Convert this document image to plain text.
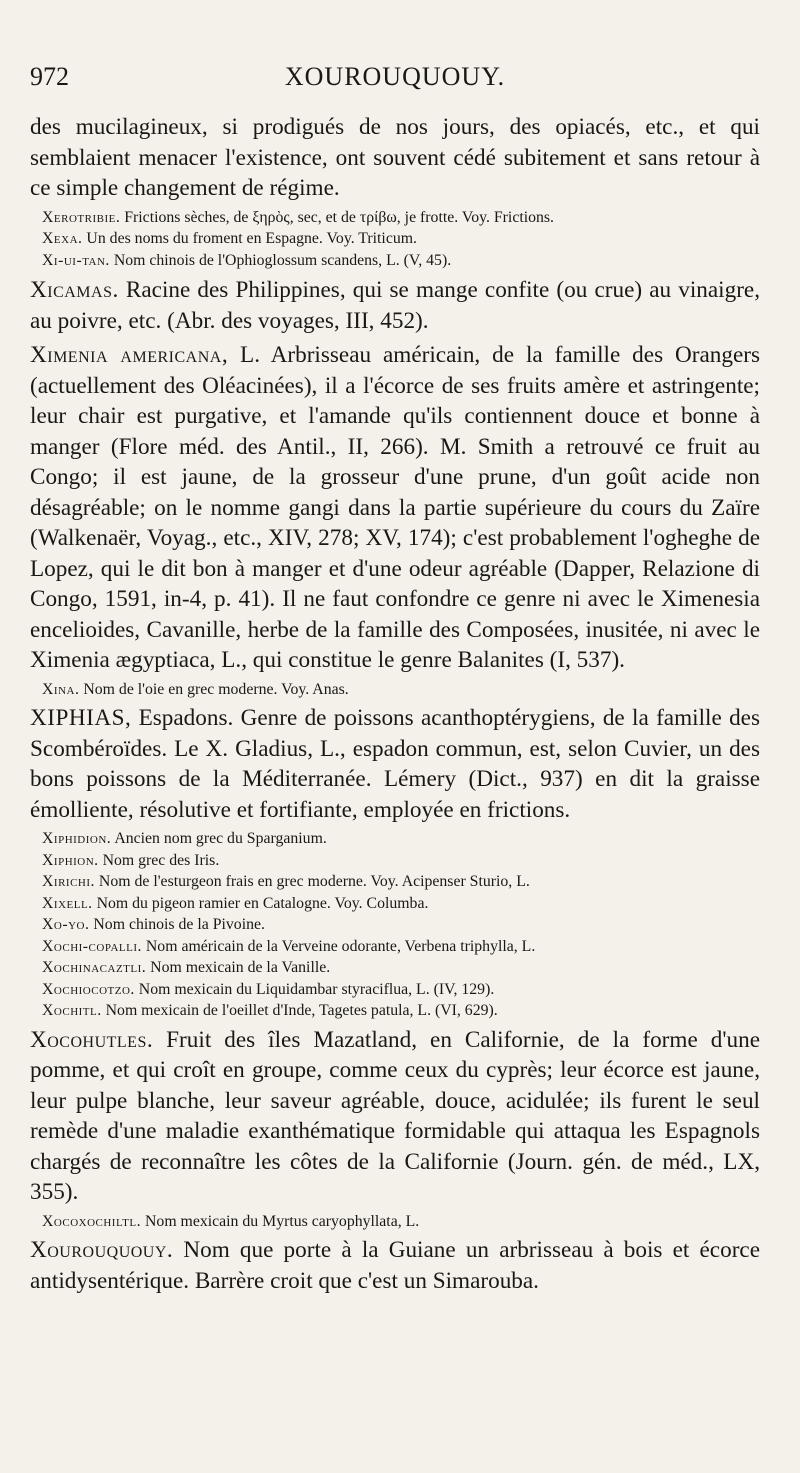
972	XOUROUQUOUY.

des mucilagineux, si prodigués de nos jours, des opiacés, etc., et qui semblaient menacer l'existence, ont souvent cédé subitement et sans retour à ce simple changement de régime.

Xerotribie. Frictions sèches, de ξηρὸς, sec, et de τρίβω, je frotte. Voy. Frictions.

Xexa. Un des noms du froment en Espagne. Voy. Triticum.

Xi-ui-tan. Nom chinois de l'Ophioglossum scandens, L. (V, 45).

Xicamas. Racine des Philippines, qui se mange confite (ou crue) au vinaigre, au poivre, etc. (Abr. des voyages, III, 452).

Ximenia americana, L. Arbrisseau américain, de la famille des Orangers (actuellement des Oléacinées), il a l'écorce de ses fruits amère et astringente; leur chair est purgative, et l'amande qu'ils contiennent douce et bonne à manger (Flore méd. des Antil., II, 266). M. Smith a retrouvé ce fruit au Congo; il est jaune, de la grosseur d'une prune, d'un goût acide non désagréable; on le nomme gangi dans la partie supérieure du cours du Zaïre (Walkenaër, Voyag., etc., XIV, 278; XV, 174); c'est probablement l'ogheghe de Lopez, qui le dit bon à manger et d'une odeur agréable (Dapper, Relazione di Congo, 1591, in-4, p. 41). Il ne faut confondre ce genre ni avec le Ximenesia encelioides, Cavanille, herbe de la famille des Composées, inusitée, ni avec le Ximenia ægyptiaca, L., qui constitue le genre Balanites (I, 537).

Xina. Nom de l'oie en grec moderne. Voy. Anas.

XIPHIAS, Espadons. Genre de poissons acanthoptérygiens, de la famille des Scombéroïdes. Le X. Gladius, L., espadon commun, est, selon Cuvier, un des bons poissons de la Méditerranée. Lémery (Dict., 937) en dit la graisse émolliente, résolutive et fortifiante, employée en frictions.

Xiphidion. Ancien nom grec du Sparganium.

Xiphion. Nom grec des Iris.

Xirichi. Nom de l'esturgeon frais en grec moderne. Voy. Acipenser Sturio, L.

Xixell. Nom du pigeon ramier en Catalogne. Voy. Columba.

Xo-yo. Nom chinois de la Pivoine.

Xochi-copalli. Nom américain de la Verveine odorante, Verbena triphylla, L.

Xochinacaztli. Nom mexicain de la Vanille.

Xochiocotzo. Nom mexicain du Liquidambar styraciflua, L. (IV, 129).

Xochitl. Nom mexicain de l'oeillet d'Inde, Tagetes patula, L. (VI, 629).

Xocohutles. Fruit des îles Mazatland, en Californie, de la forme d'une pomme, et qui croît en groupe, comme ceux du cyprès; leur écorce est jaune, leur pulpe blanche, leur saveur agréable, douce, acidulée; ils furent le seul remède d'une maladie exanthématique formidable qui attaqua les Espagnols chargés de reconnaître les côtes de la Californie (Journ. gén. de méd., LX, 355).

Xocoxochiltl. Nom mexicain du Myrtus caryophyllata, L.

Xourouquouy. Nom que porte à la Guiane un arbrisseau à bois et écorce antidysentérique. Barrère croit que c'est un Simarouba.
